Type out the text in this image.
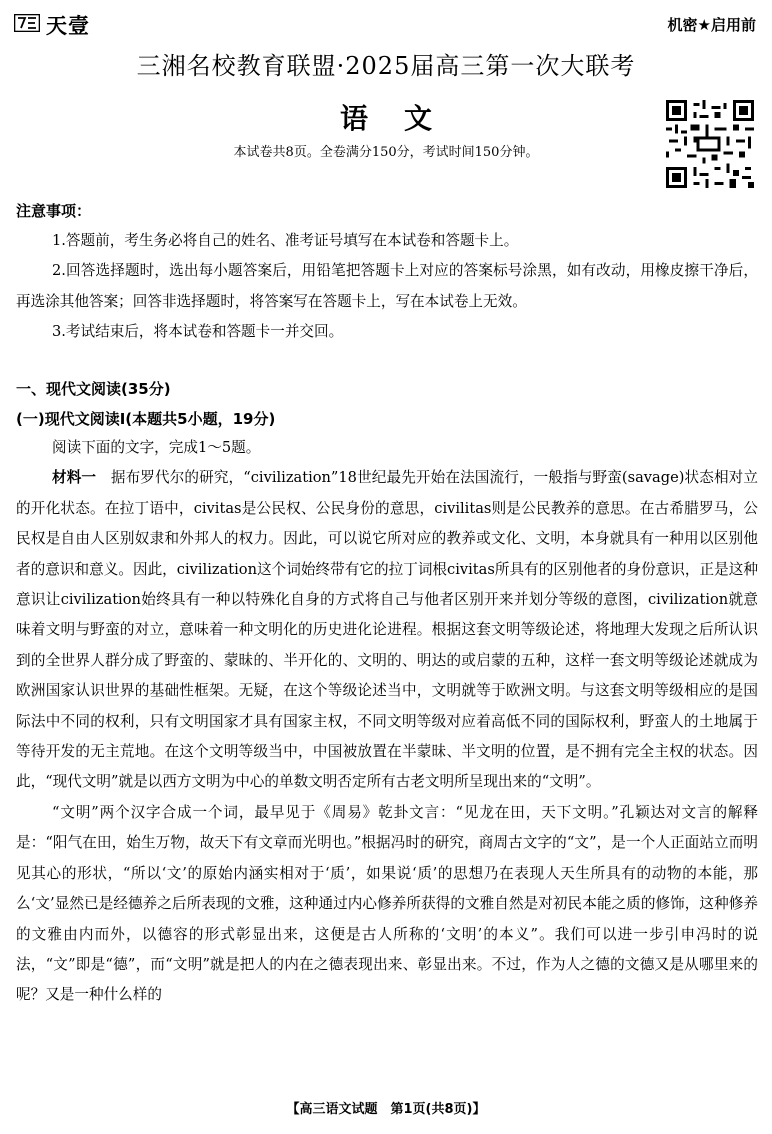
天壹	机密★启用前
三湘名校教育联盟·2025届高三第一次大联考
语 文
本试卷共8页。全卷满分150分，考试时间150分钟。
注意事项：

1.答题前，考生务必将自己的姓名、准考证号填写在本试卷和答题卡上。

2.回答选择题时，选出每小题答案后，用铅笔把答题卡上对应的答案标号涂黑，如有改动，用橡皮擦干净后，再选涂其他答案；回答非选择题时，将答案写在答题卡上，写在本试卷上无效。

3.考试结束后，将本试卷和答题卡一并交回。

一、现代文阅读(35分)
(一)现代文阅读Ⅰ(本题共5小题，19分)

阅读下面的文字，完成1～5题。

材料一　 据布罗代尔的研究，“civilization”18世纪最先开始在法国流行，一般指与野蛮(savage)状态相对立的开化状态。在拉丁语中，civitas是公民权、公民身份的意思，civilitas则是公民教养的意思。在古希腊罗马，公民权是自由人区别奴隶和外邦人的权力。因此，可以说它所对应的教养或文化、文明，本身就具有一种用以区别他者的意识和意义。因此，civilization这个词始终带有它的拉丁词根civitas所具有的区别他者的身份意识，正是这种意识让civilization始终具有一种以特殊化自身的方式将自己与他者区别开来并划分等级的意图，civilization就意味着文明与野蛮的对立，意味着一种文明化的历史进化论进程。根据这套文明等级论述，将地理大发现之后所认识到的全世界人群分成了野蛮的、蒙昧的、半开化的、文明的、明达的或启蒙的五种，这样一套文明等级论述就成为欧洲国家认识世界的基础性框架。无疑，在这个等级论述当中，文明就等于欧洲文明。与这套文明等级相应的是国际法中不同的权利，只有文明国家才具有国家主权，不同文明等级对应着高低不同的国际权利，野蛮人的土地属于等待开发的无主荒地。在这个文明等级当中，中国被放置在半蒙昧、半文明的位置，是不拥有完全主权的状态。因此，“现代文明”就是以西方文明为中心的单数文明否定所有古老文明所呈现出来的“文明”。

“文明”两个汉字合成一个词，最早见于《周易》乾卦文言：“见龙在田，天下文明。”孔颖达对文言的解释是：“阳气在田，始生万物，故天下有文章而光明也。”根据冯时的研究，商周古文字的“文”，是一个人正面站立而明见其心的形状，“所以‘文’的原始内涵实相对于‘质’，如果说‘质’的思想乃在表现人天生所具有的动物的本能，那么‘文’显然已是经德养之后所表现的文雅，这种通过内心修养所获得的文雅自然是对初民本能之质的修饰，这种修养的文雅由内而外，以德容的形式彰显出来，这便是古人所称的‘文明’的本义”。我们可以进一步引申冯时的说法，“文”即是“德”，而“文明”就是把人的内在之德表现出来、彰显出来。不过，作为人之德的文德又是从哪里来的呢？又是一种什么样的

【高三语文试题　第1页(共8页)】
